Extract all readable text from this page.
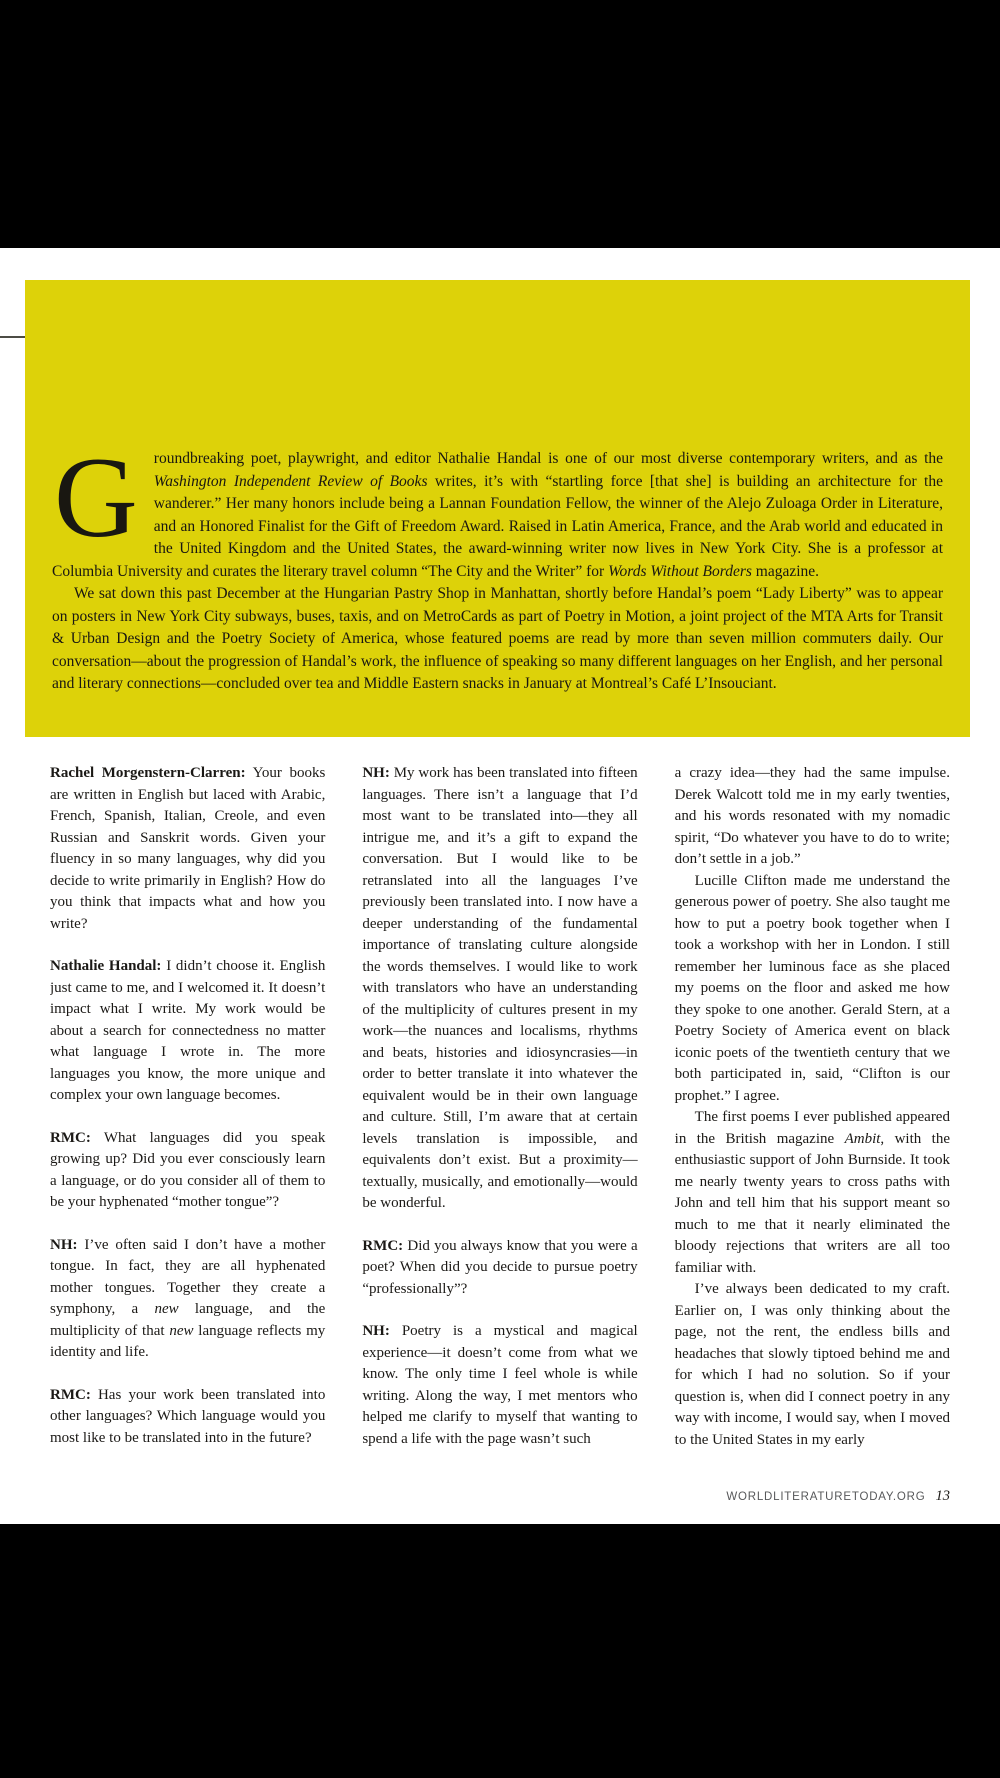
G roundbreaking poet, playwright, and editor Nathalie Handal is one of our most diverse contemporary writers, and as the Washington Independent Review of Books writes, it’s with “startling force [that she] is building an architecture for the wanderer.” Her many honors include being a Lannan Foundation Fellow, the winner of the Alejo Zuloaga Order in Literature, and an Honored Finalist for the Gift of Freedom Award. Raised in Latin America, France, and the Arab world and educated in the United Kingdom and the United States, the award-winning writer now lives in New York City. She is a professor at Columbia University and curates the literary travel column “The City and the Writer” for Words Without Borders magazine.

We sat down this past December at the Hungarian Pastry Shop in Manhattan, shortly before Handal’s poem “Lady Liberty” was to appear on posters in New York City subways, buses, taxis, and on MetroCards as part of Poetry in Motion, a joint project of the MTA Arts for Transit & Urban Design and the Poetry Society of America, whose featured poems are read by more than seven million commuters daily. Our conversation—about the progression of Handal’s work, the influence of speaking so many different languages on her English, and her personal and literary connections—concluded over tea and Middle Eastern snacks in January at Montreal’s Café L’Insouciant.

Rachel Morgenstern-Clarren: Your books are written in English but laced with Arabic, French, Spanish, Italian, Creole, and even Russian and Sanskrit words. Given your fluency in so many languages, why did you decide to write primarily in English? How do you think that impacts what and how you write?

Nathalie Handal: I didn’t choose it. English just came to me, and I welcomed it. It doesn’t impact what I write. My work would be about a search for connectedness no matter what language I wrote in. The more languages you know, the more unique and complex your own language becomes.

RMC: What languages did you speak growing up? Did you ever consciously learn a language, or do you consider all of them to be your hyphenated “mother tongue”?

NH: I’ve often said I don’t have a mother tongue. In fact, they are all hyphenated mother tongues. Together they create a symphony, a new language, and the multiplicity of that new language reflects my identity and life.

RMC: Has your work been translated into other languages? Which language would you most like to be translated into in the future?

NH: My work has been translated into fifteen languages. There isn’t a language that I’d most want to be translated into—they all intrigue me, and it’s a gift to expand the conversation. But I would like to be retranslated into all the languages I’ve previously been translated into. I now have a deeper understanding of the fundamental importance of translating culture alongside the words themselves. I would like to work with translators who have an understanding of the multiplicity of cultures present in my work—the nuances and localisms, rhythms and beats, histories and idiosyncrasies—in order to better translate it into whatever the equivalent would be in their own language and culture. Still, I’m aware that at certain levels translation is impossible, and equivalents don’t exist. But a proximity—textually, musically, and emotionally—would be wonderful.

RMC: Did you always know that you were a poet? When did you decide to pursue poetry “professionally”?

NH: Poetry is a mystical and magical experience—it doesn’t come from what we know. The only time I feel whole is while writing. Along the way, I met mentors who helped me clarify to myself that wanting to spend a life with the page wasn’t such

a crazy idea—they had the same impulse. Derek Walcott told me in my early twenties, and his words resonated with my nomadic spirit, “Do whatever you have to do to write; don’t settle in a job.”

Lucille Clifton made me understand the generous power of poetry. She also taught me how to put a poetry book together when I took a workshop with her in London. I still remember her luminous face as she placed my poems on the floor and asked me how they spoke to one another. Gerald Stern, at a Poetry Society of America event on black iconic poets of the twentieth century that we both participated in, said, “Clifton is our prophet.” I agree.

The first poems I ever published appeared in the British magazine Ambit, with the enthusiastic support of John Burnside. It took me nearly twenty years to cross paths with John and tell him that his support meant so much to me that it nearly eliminated the bloody rejections that writers are all too familiar with.

I’ve always been dedicated to my craft. Earlier on, I was only thinking about the page, not the rent, the endless bills and headaches that slowly tiptoed behind me and for which I had no solution. So if your question is, when did I connect poetry in any way with income, I would say, when I moved to the United States in my early

WORLDLITERATURETODAY.ORG 13
